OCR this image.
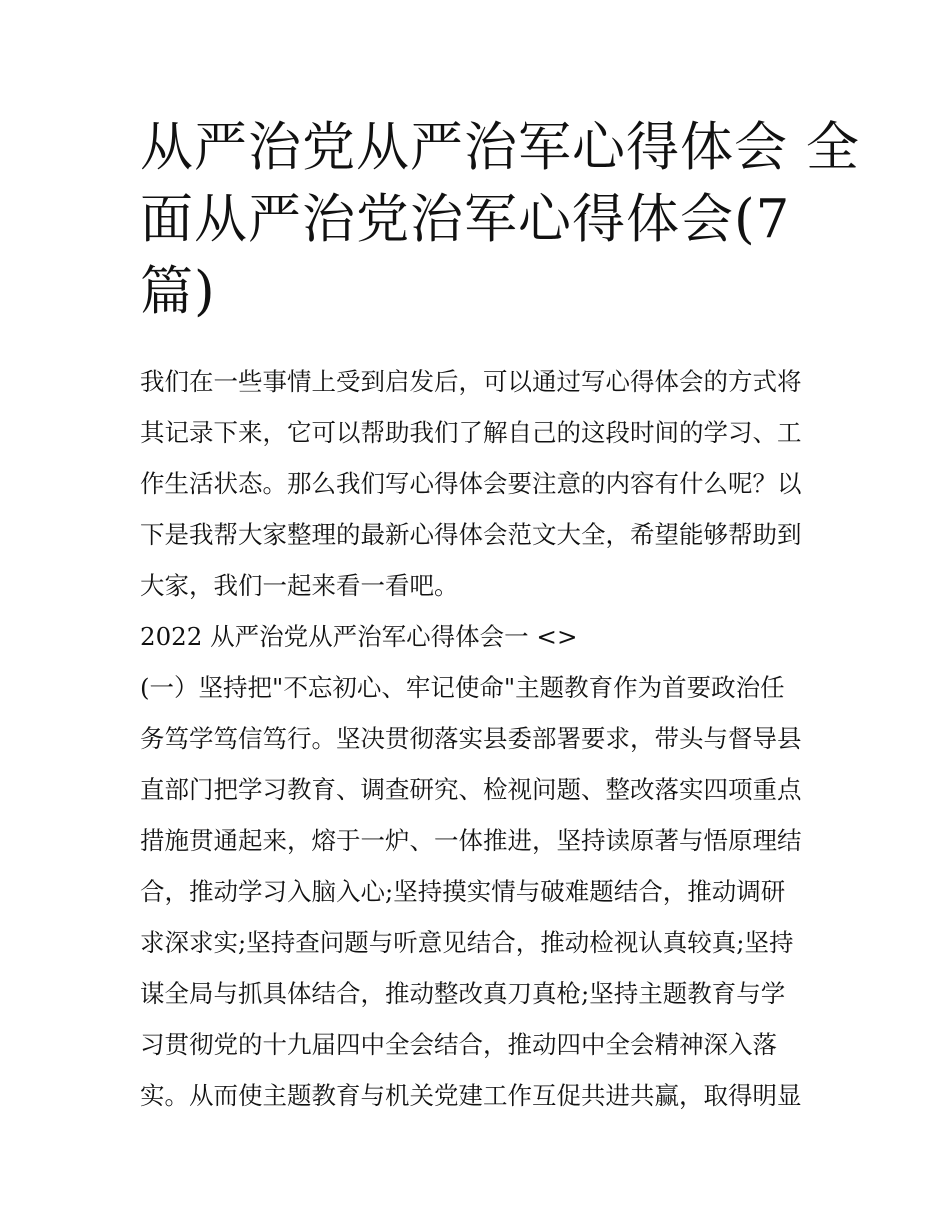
从严治党从严治军心得体会 全
面从严治党治军心得体会(7
篇)
我们在一些事情上受到启发后，可以通过写心得体会的方式将
其记录下来，它可以帮助我们了解自己的这段时间的学习、工
作生活状态。那么我们写心得体会要注意的内容有什么呢？以
下是我帮大家整理的最新心得体会范文大全，希望能够帮助到
大家，我们一起来看一看吧。
2022 从严治党从严治军心得体会一 <>
(一）坚持把"不忘初心、牢记使命"主题教育作为首要政治任
务笃学笃信笃行。坚决贯彻落实县委部署要求，带头与督导县
直部门把学习教育、调查研究、检视问题、整改落实四项重点
措施贯通起来，熔于一炉、一体推进，坚持读原著与悟原理结
合，推动学习入脑入心;坚持摸实情与破难题结合，推动调研
求深求实;坚持查问题与听意见结合，推动检视认真较真;坚持
谋全局与抓具体结合，推动整改真刀真枪;坚持主题教育与学
习贯彻党的十九届四中全会结合，推动四中全会精神深入落
实。从而使主题教育与机关党建工作互促共进共赢，取得明显
